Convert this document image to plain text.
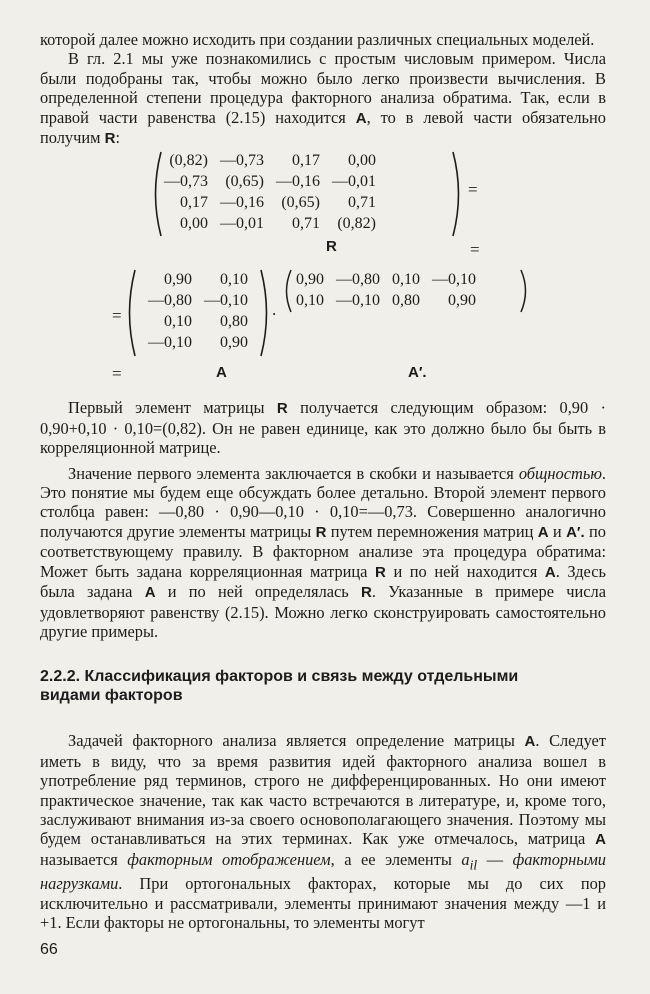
которой далее можно исходить при создании различных специальных моделей.

В гл. 2.1 мы уже познакомились с простым числовым примером. Числа были подобраны так, чтобы можно было легко произвести вычисления. В определенной степени процедура факторного анализа обратима. Так, если в правой части равенства (2.15) находится A, то в левой части обязательно получим R:

(0,82)	—0,73	0,17	0,00
—0,73	(0,65)	—0,16	—0,01
0,17	—0,16	(0,65)	0,71
0,00	—0,01	0,71	(0,82)
=
R	=
=
0,90	0,10
—0,80	—0,10
0,10	0,80
—0,10	0,90
.
0,90	—0,80	0,10	—0,10
0,10	—0,10	0,80	0,90
=	A	A′.

Первый элемент матрицы R получается следующим образом: 0,90 · 0,90+0,10 · 0,10=(0,82). Он не равен единице, как это должно было бы быть в корреляционной матрице.

Значение первого элемента заключается в скобки и называется общностью. Это понятие мы будем еще обсуждать более детально. Второй элемент первого столбца равен: —0,80 · 0,90—0,10 · 0,10=—0,73. Совершенно аналогично получаются другие элементы матрицы R путем перемножения матриц A и A′. по соответствующему правилу. В факторном анализе эта процедура обратима: Может быть задана корреляционная матрица R и по ней находится A. Здесь была задана A и по ней определялась R. Указанные в примере числа удовлетворяют равенству (2.15). Можно легко сконструировать самостоятельно другие примеры.

2.2.2. Классификация факторов и связь между отдельными видами факторов

Задачей факторного анализа является определение матрицы A. Следует иметь в виду, что за время развития идей факторного анализа вошел в употребление ряд терминов, строго не дифференцированных. Но они имеют практическое значение, так как часто встречаются в литературе, и, кроме того, заслуживают внимания из-за своего основополагающего значения. Поэтому мы будем останавливаться на этих терминах. Как уже отмечалось, матрица A называется факторным отображением, а ее элементы $a_{il}$ — факторными нагрузками. При ортогональных факторах, которые мы до сих пор исключительно и рассматривали, элементы принимают значения между —1 и +1. Если факторы не ортогональны, то элементы могут

66
